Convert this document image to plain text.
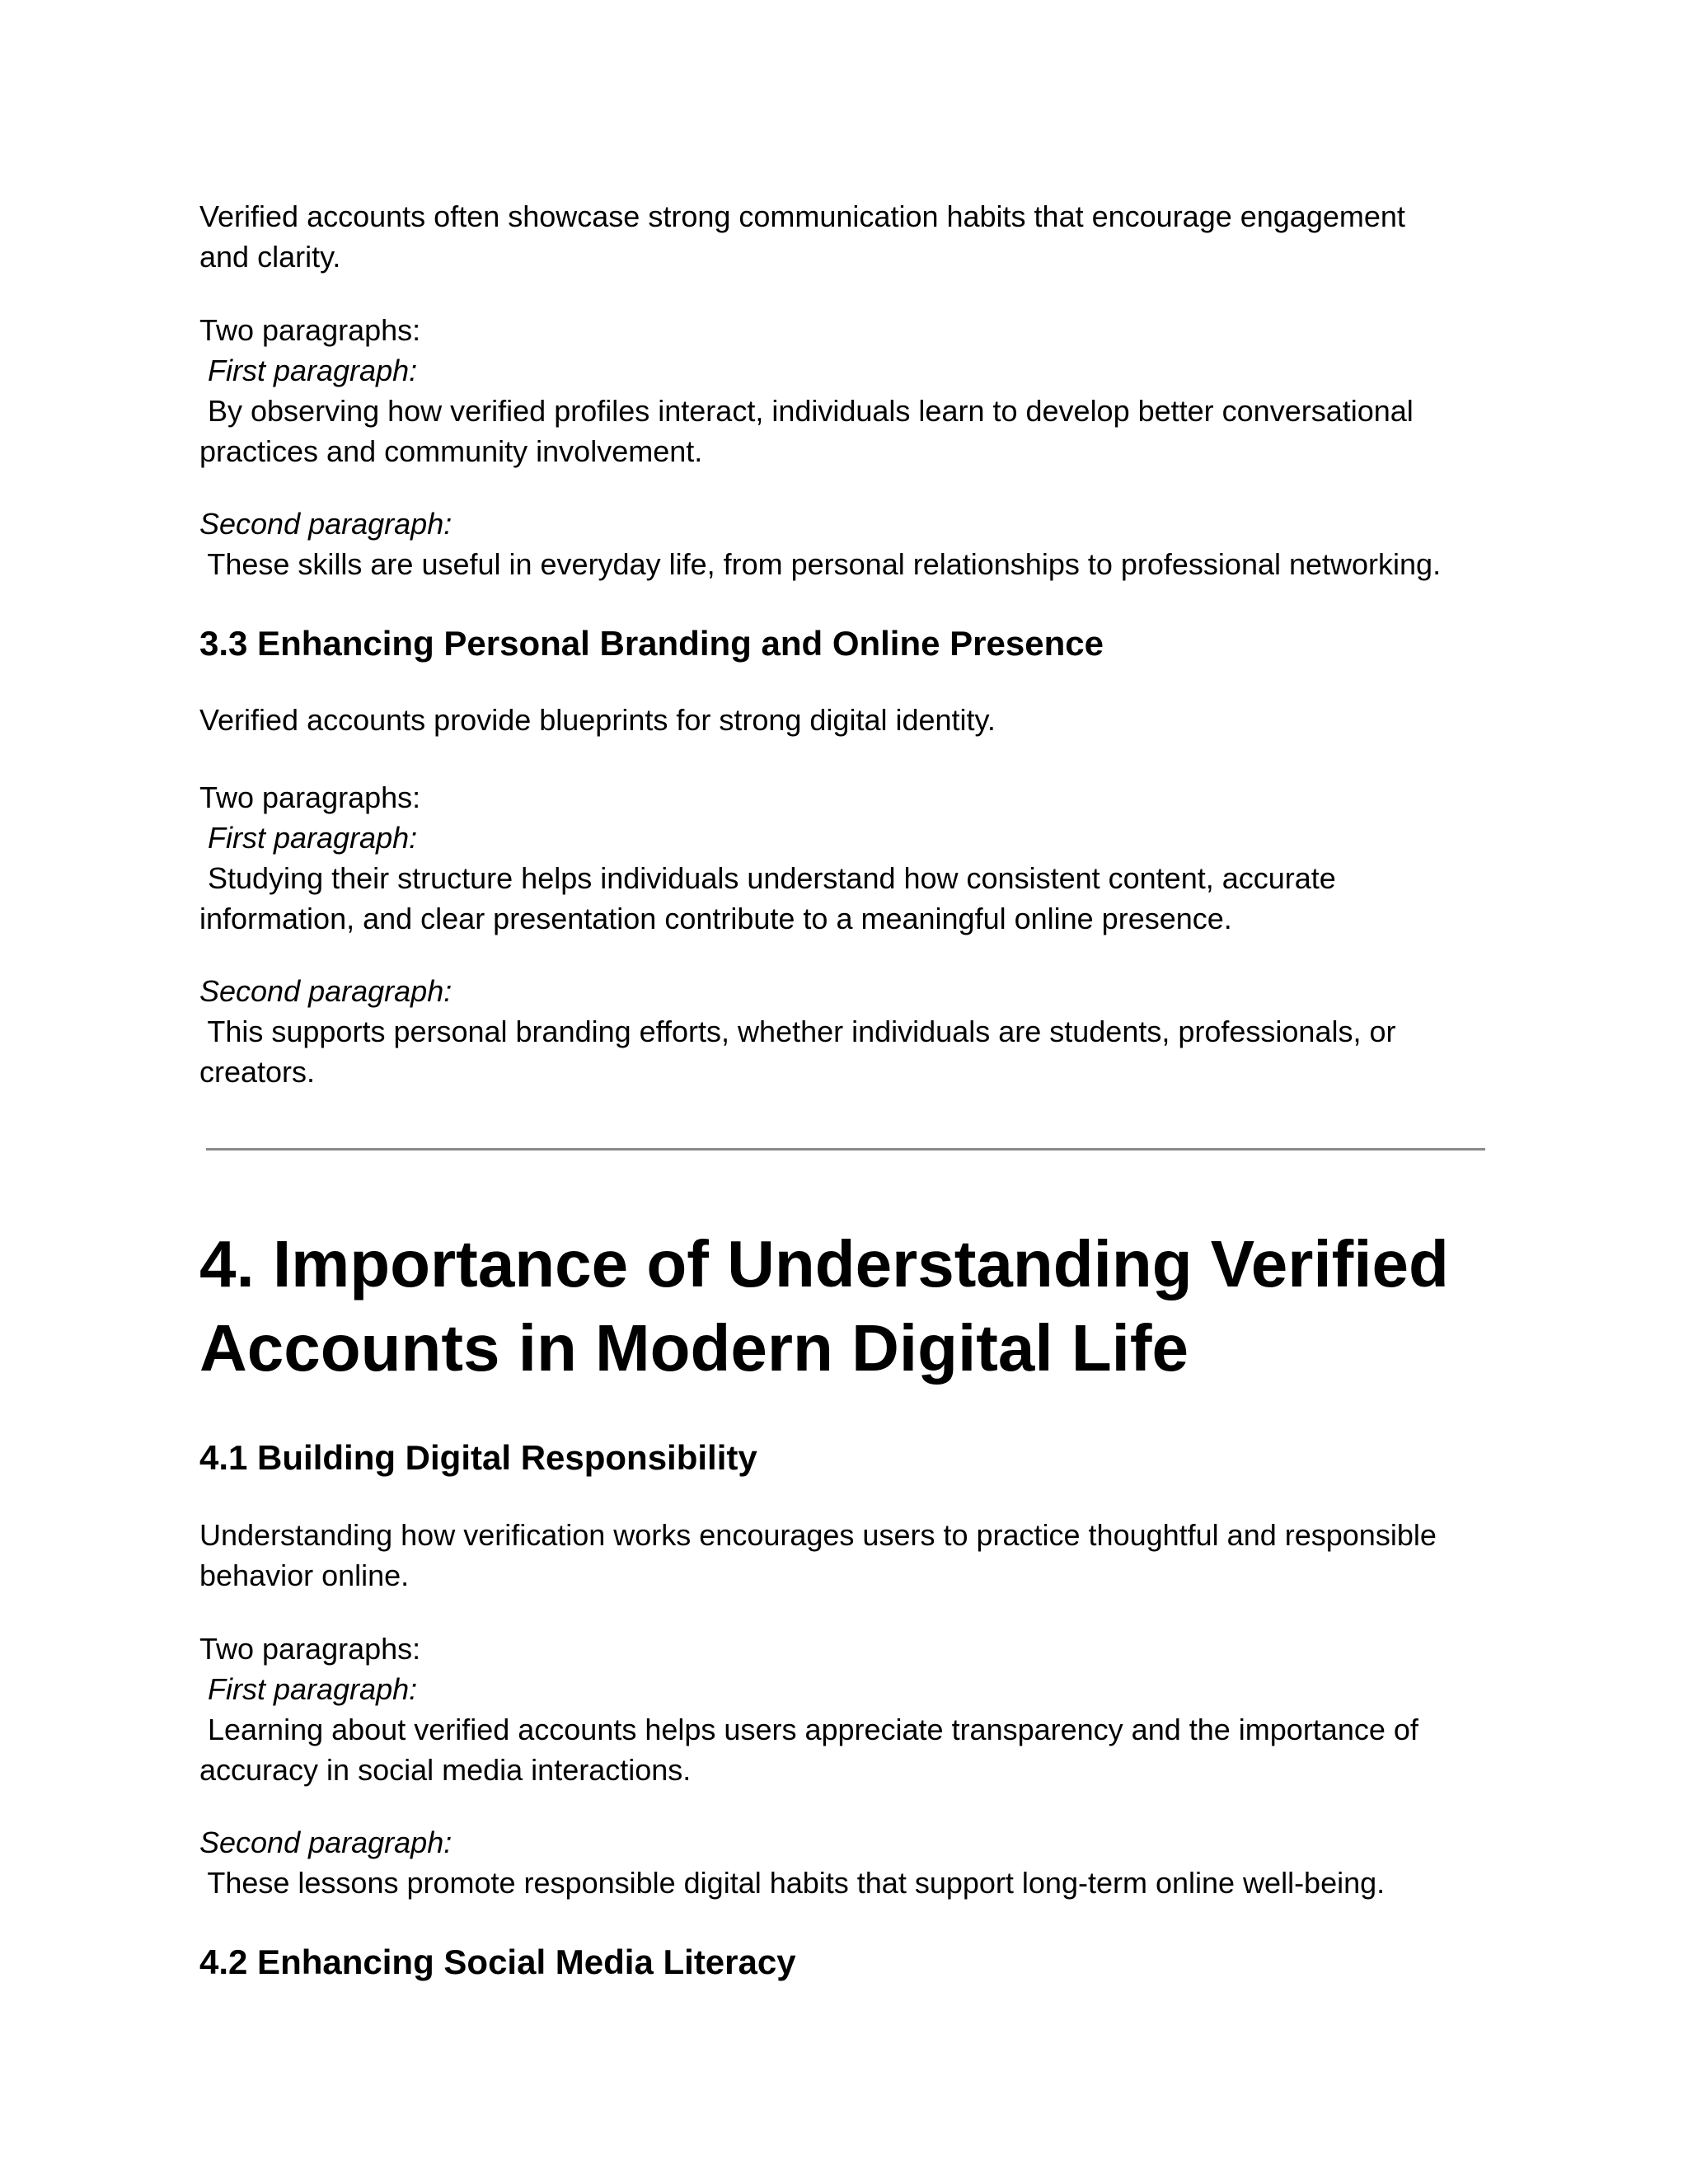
Verified accounts often showcase strong communication habits that encourage engagement
and clarity.

Two paragraphs:
First paragraph:
By observing how verified profiles interact, individuals learn to develop better conversational
practices and community involvement.

Second paragraph:
These skills are useful in everyday life, from personal relationships to professional networking.

3.3 Enhancing Personal Branding and Online Presence

Verified accounts provide blueprints for strong digital identity.

Two paragraphs:
First paragraph:
Studying their structure helps individuals understand how consistent content, accurate
information, and clear presentation contribute to a meaningful online presence.

Second paragraph:
This supports personal branding efforts, whether individuals are students, professionals, or
creators.

4. Importance of Understanding Verified
Accounts in Modern Digital Life
4.1 Building Digital Responsibility

Understanding how verification works encourages users to practice thoughtful and responsible
behavior online.

Two paragraphs:
First paragraph:
Learning about verified accounts helps users appreciate transparency and the importance of
accuracy in social media interactions.

Second paragraph:
These lessons promote responsible digital habits that support long-term online well-being.

4.2 Enhancing Social Media Literacy
